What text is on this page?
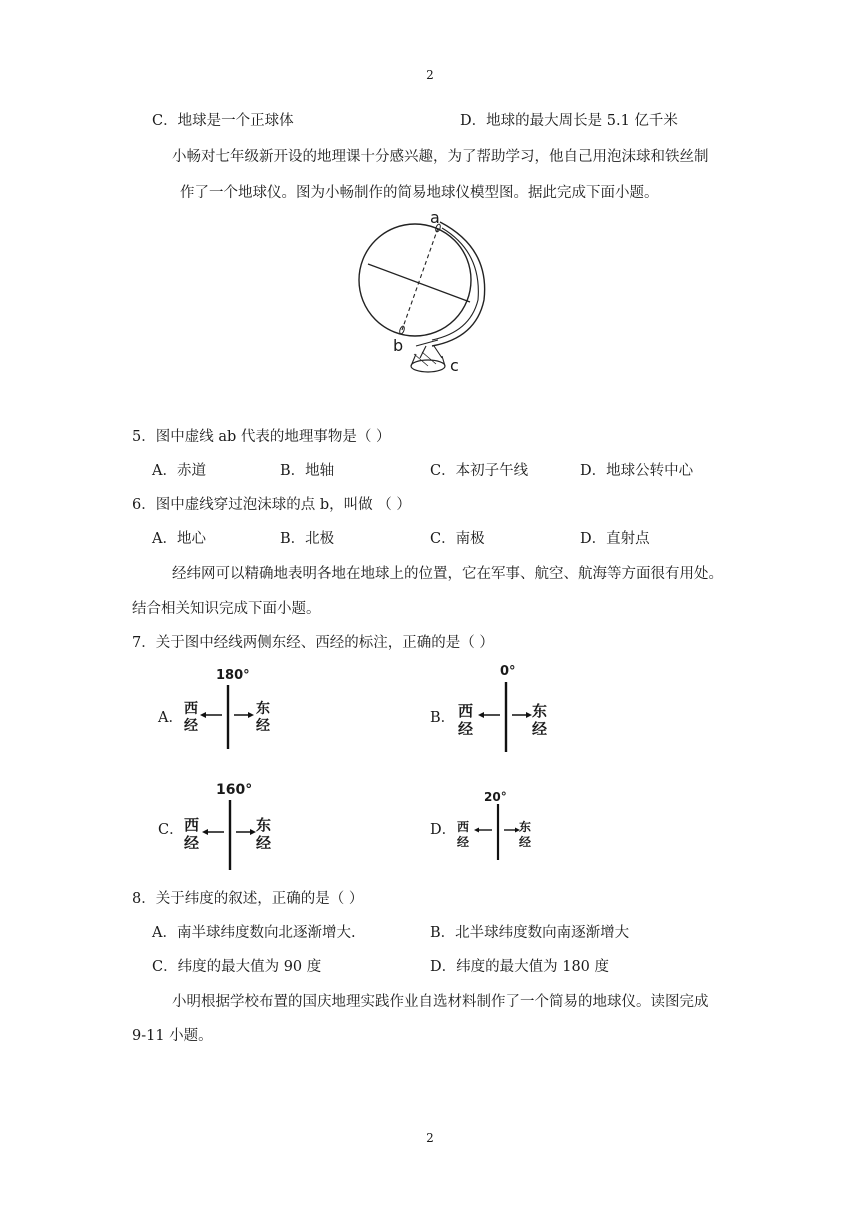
2
C．地球是一个正球体	D．地球的最大周长是 5.1 亿千米
小畅对七年级新开设的地理课十分感兴趣，为了帮助学习，他自己用泡沫球和铁丝制
作了一个地球仪。图为小畅制作的简易地球仪模型图。据此完成下面小题。
a
b
c
5．图中虚线 ab 代表的地理事物是（ ）
A．赤道	B．地轴	C．本初子午线	D．地球公转中心
6．图中虚线穿过泡沫球的点 b，叫做 （ ）
A．地心	B．北极	C．南极	D．直射点
经纬网可以精确地表明各地在地球上的位置，它在军事、航空、航海等方面很有用处。
结合相关知识完成下面小题。
7．关于图中经线两侧东经、西经的标注，正确的是（ ）
A．
180°
西
经
东
经	B．
0°
西
经
东
经
C．
160°
西
经
东
经
D．
20°
西
经
东
经
8．关于纬度的叙述，正确的是（ ）
A．南半球纬度数向北逐渐增大.	B．北半球纬度数向南逐渐增大
C．纬度的最大值为 90 度	D．纬度的最大值为 180 度
小明根据学校布置的国庆地理实践作业自选材料制作了一个简易的地球仪。读图完成
9-11 小题。
2
